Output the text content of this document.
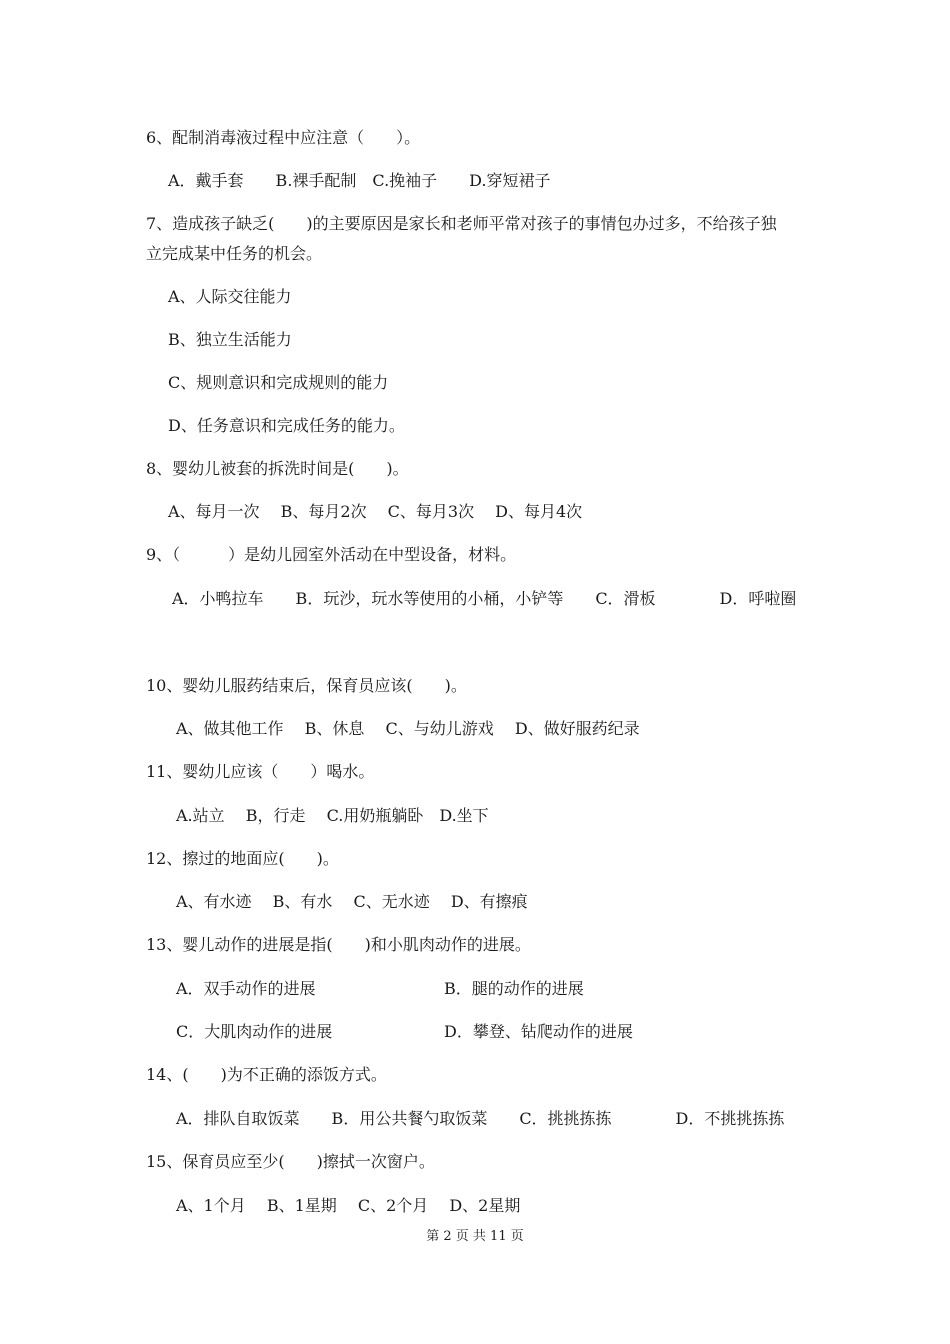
6、配制消毒液过程中应注意（　　）。
A．戴手套　　B.裸手配制　C.挽袖子　　D.穿短裙子
7、造成孩子缺乏(　　)的主要原因是家长和老师平常对孩子的事情包办过多，不给孩子独
立完成某中任务的机会。
A、人际交往能力
B、独立生活能力
C、规则意识和完成规则的能力
D、任务意识和完成任务的能力。
8、婴幼儿被套的拆洗时间是(　　)。
A、每月一次　 B、每月2次　 C、每月3次　 D、每月4次
9、（　　　）是幼儿园室外活动在中型设备，材料。
A．小鸭拉车　　B．玩沙，玩水等使用的小桶，小铲等　　C．滑板　　　　D．呼啦圈
10、婴幼儿服药结束后，保育员应该(　　)。
A、做其他工作　 B、休息　 C、与幼儿游戏　 D、做好服药纪录
11、婴幼儿应该（　　）喝水。
A.站立　 B，行走　 C.用奶瓶躺卧　D.坐下
12、擦过的地面应(　　)。
A、有水迹　 B、有水　 C、无水迹　 D、有擦痕
13、婴儿动作的进展是指(　　)和小肌肉动作的进展。
A．双手动作的进展	B．腿的动作的进展
C．大肌肉动作的进展	D．攀登、钻爬动作的进展
14、(　　)为不正确的添饭方式。
A．排队自取饭菜　　B．用公共餐勺取饭菜　　C．挑挑拣拣　　　　D．不挑挑拣拣
15、保育员应至少(　　)擦拭一次窗户。
A、1个月　 B、1星期　 C、2个月　 D、2星期
第 2 页 共 11 页
